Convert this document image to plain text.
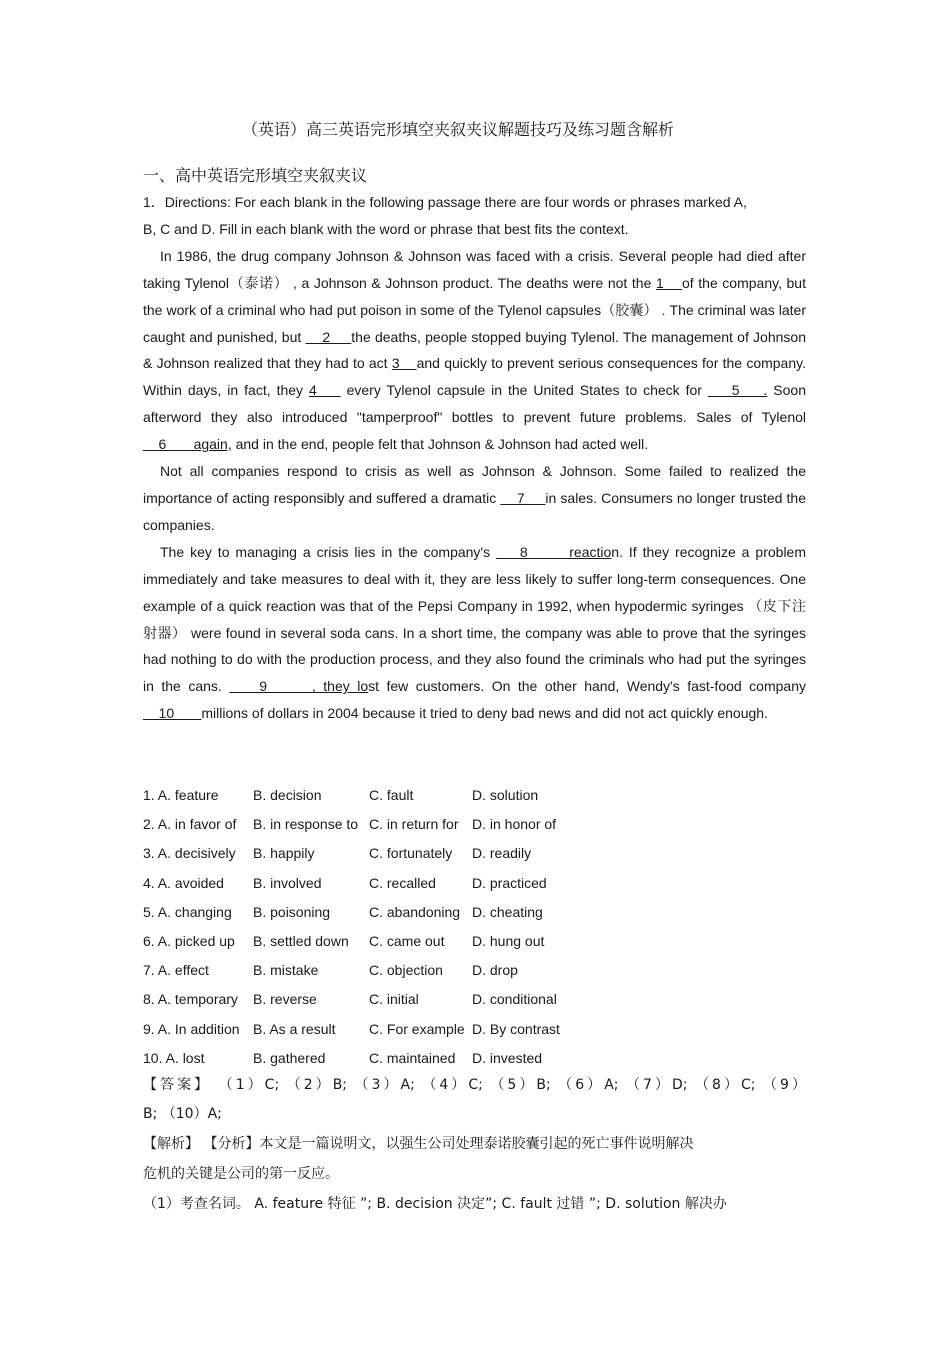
（英语）高三英语完形填空夹叙夹议解题技巧及练习题含解析
一、高中英语完形填空夹叙夹议

1．Directions: For each blank in the following passage there are four words or phrases marked A,

B, C and D. Fill in each blank with the word or phrase that best fits the context.

In 1986, the drug company Johnson & Johnson was faced with a crisis. Several people had died after taking Tylenol（泰诺） , a Johnson & Johnson product. The deaths were not the 1    of the company, but the work of a criminal who had put poison in some of the Tylenol capsules（胶囊） . The criminal was later caught and punished, but     2     the deaths, people stopped buying Tylenol. The management of Johnson & Johnson realized that they had to act 3    and quickly to prevent serious consequences for the company. Within days, in fact, they 4     every Tylenol capsule in the United States to check for     5    . Soon afterword they also introduced "tamperproof" bottles to prevent future problems. Sales of Tylenol     6       again, and in the end, people felt that Johnson & Johnson had acted well.

Not all companies respond to crisis as well as Johnson & Johnson. Some failed to realized the importance of acting responsibly and suffered a dramatic     7     in sales. Consumers no longer trusted the companies.

The key to managing a crisis lies in the company's     8       reaction. If they recognize a problem immediately and take measures to deal with it, they are less likely to suffer long-term consequences. One example of a quick reaction was that of the Pepsi Company in 1992, when hypodermic syringes （皮下注射器） were found in several soda cans. In a short time, the company was able to prove that the syringes had nothing to do with the production process, and they also found the criminals who had put the syringes in the cans.     9      , they lost few customers. On the other hand, Wendy's fast-food company     10       millions of dollars in 2004 because it tried to deny bad news and did not act quickly enough.

1. A. feature	B. decision	C. fault	D. solution
2. A. in favor of	B. in response to C. in return for D. in honor of
3. A. decisively	B. happily	C. fortunately	D. readily
4. A. avoided	B. involved	C. recalled	D. practiced
5. A. changing	B. poisoning	C. abandoning D. cheating
6. A. picked up	B. settled down	C. came out	D. hung out
7. A. effect	B. mistake	C. objection	D. drop
8. A. temporary	B. reverse	C. initial	D. conditional
9. A. In addition B. As a result	C. For example D. By contrast
10. A. lost	B. gathered	C. maintained	D. invested

【答案】 （1）C; （2）B; （3）A; （4）C; （5）B; （6）A; （7）D; （8）C; （9）

B; （10）A;

【解析】 【分析】本文是一篇说明文，以强生公司处理泰诺胶囊引起的死亡事件说明解决

危机的关键是公司的第一反应。

（1）考查名词。 A. feature 特征 ”; B. decision 决定”; C. fault 过错 ”; D. solution 解决办
